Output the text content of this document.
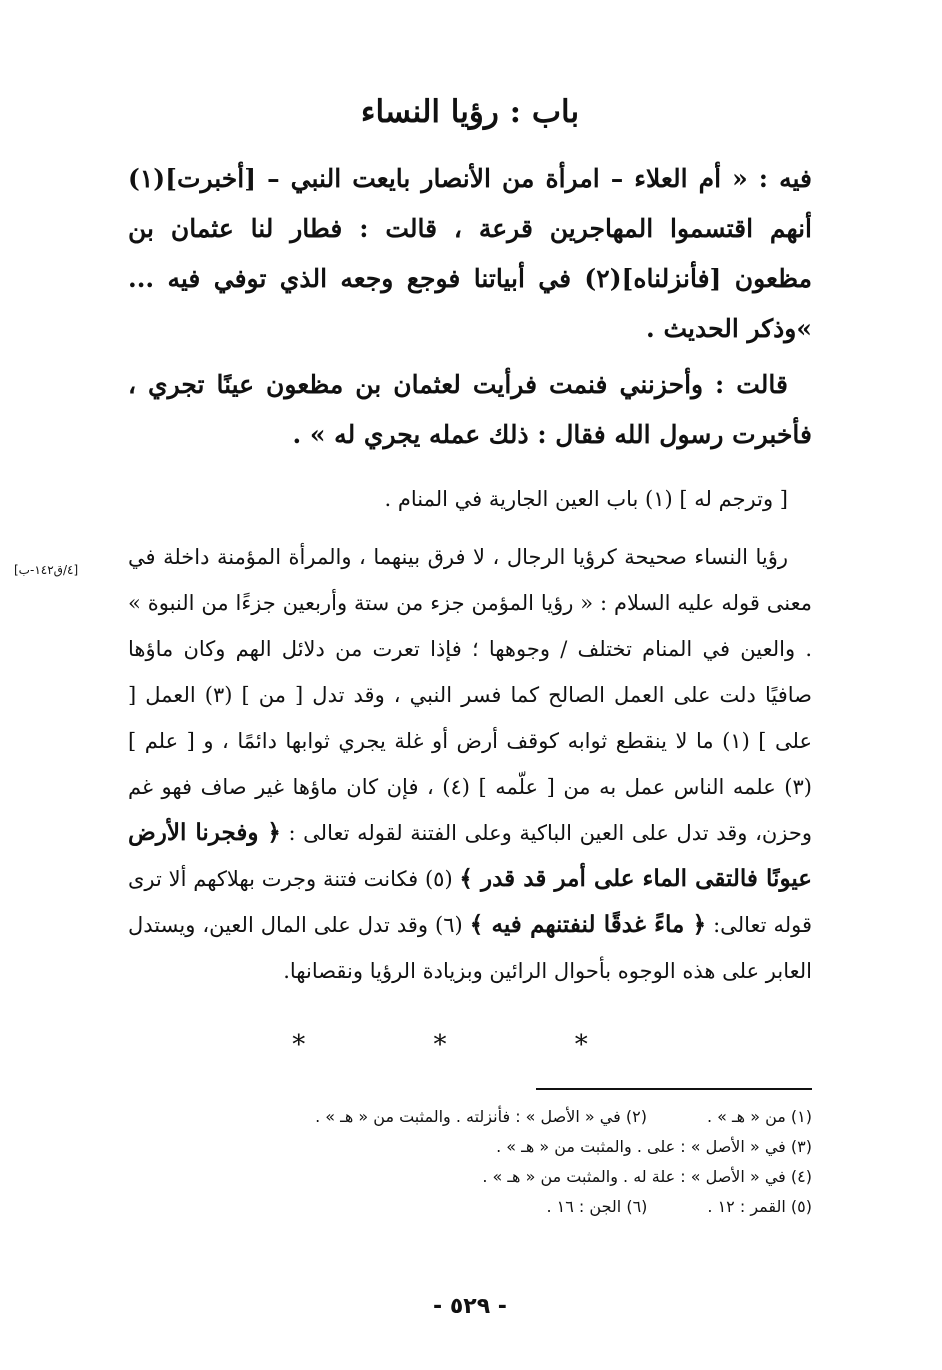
باب : رؤيا النساء

فيه : « أم العلاء – امرأة من الأنصار بايعت النبي – [أخبرت](١) أنهم اقتسموا المهاجرين قرعة ، قالت : فطار لنا عثمان بن مظعون [فأنزلناه](٢) في أبياتنا فوجع وجعه الذي توفي فيه ... »وذكر الحديث .

قالت : وأحزنني فنمت فرأيت لعثمان بن مظعون عينًا تجري ، فأخبرت رسول الله فقال : ذلك عمله يجري له » .

[ وترجم له ] (١) باب العين الجارية في المنام .

رؤيا النساء صحيحة كرؤيا الرجال ، لا فرق بينهما ، والمرأة المؤمنة داخلة في معنى قوله عليه السلام : « رؤيا المؤمن جزء من ستة وأربعين جزءًا من النبوة » . والعين في المنام تختلف / وجوهها ؛ فإذا تعرت من دلائل الهم وكان ماؤها صافيًا دلت على العمل الصالح كما فسر النبي ، وقد تدل [ من ] (٣) العمل [ على ] (١) ما لا ينقطع ثوابه كوقف أرض أو غلة يجري ثوابها دائمًا ، و [ علم ] (٣) علمه الناس عمل به من [ علّمه ] (٤) ، فإن كان ماؤها غير صاف فهو غم وحزن، وقد تدل على العين الباكية وعلى الفتنة لقوله تعالى : ﴿ وفجرنا الأرض عيونًا فالتقى الماء على أمر قد قدر ﴾ (٥) فكانت فتنة وجرت بهلاكهم ألا ترى قوله تعالى: ﴿ ماءً غدقًا لنفتنهم فيه ﴾ (٦) وقد تدل على المال العين، ويستدل العابر على هذه الوجوه بأحوال الرائين وبزيادة الرؤيا ونقصانها.

* * *
(١) من « هـ » .
(٢) في « الأصل » : فأنزلته . والمثبت من « هـ » .
(٣) في « الأصل » : على . والمثبت من « هـ » .
(٤) في « الأصل » : علة له . والمثبت من « هـ » .
(٥) القمر : ١٢ .
(٦) الجن : ١٦ .
- ٥٢٩ -
[٤/ق١٤٢-ب]
